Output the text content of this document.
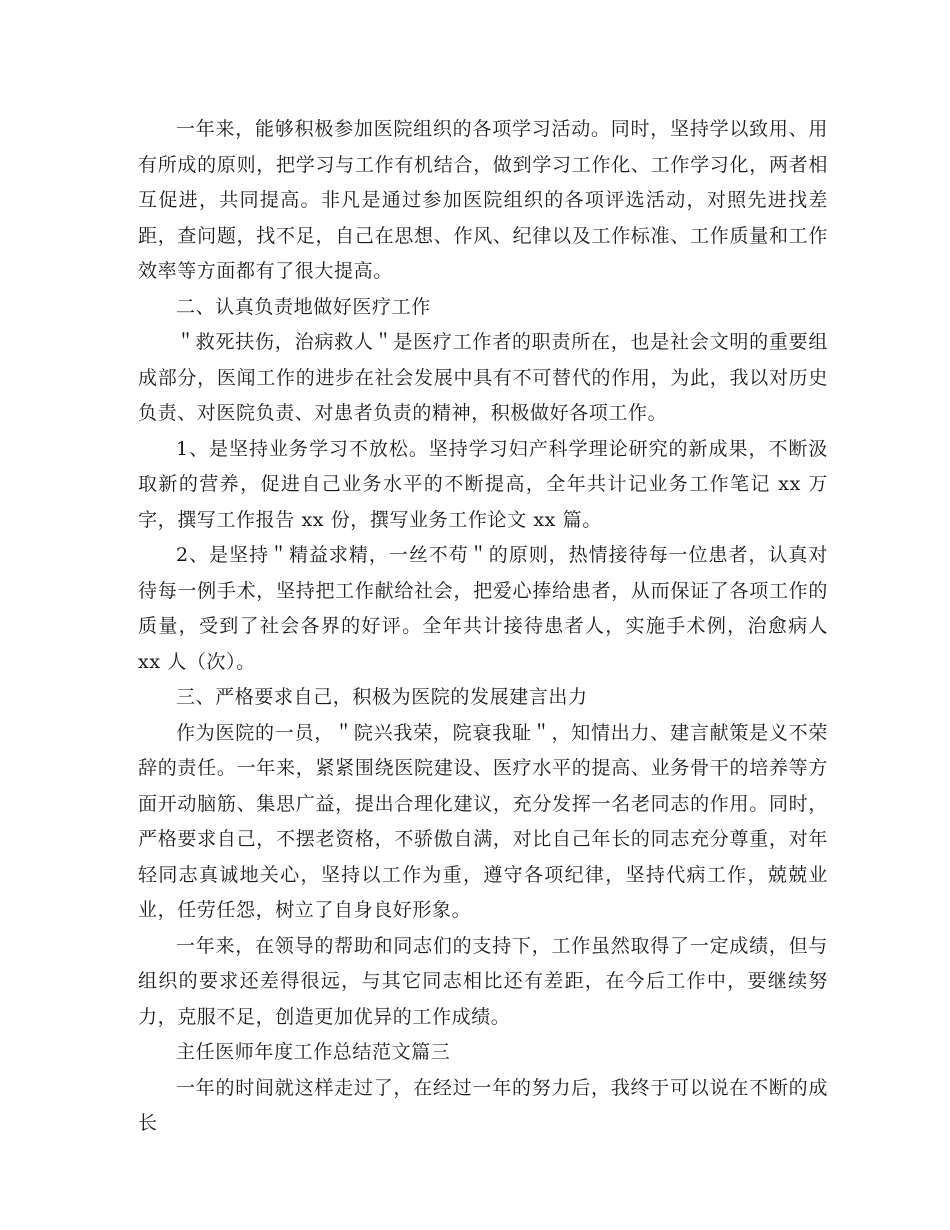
一年来，能够积极参加医院组织的各项学习活动。同时，坚持学以致用、用有所成的原则，把学习与工作有机结合，做到学习工作化、工作学习化，两者相互促进，共同提高。非凡是通过参加医院组织的各项评选活动，对照先进找差距，查问题，找不足，自己在思想、作风、纪律以及工作标准、工作质量和工作效率等方面都有了很大提高。

二、认真负责地做好医疗工作

＂救死扶伤，治病救人＂是医疗工作者的职责所在，也是社会文明的重要组成部分，医闻工作的进步在社会发展中具有不可替代的作用，为此，我以对历史负责、对医院负责、对患者负责的精神，积极做好各项工作。

1、是坚持业务学习不放松。坚持学习妇产科学理论研究的新成果，不断汲取新的营养，促进自己业务水平的不断提高，全年共计记业务工作笔记 xx 万字，撰写工作报告 xx 份，撰写业务工作论文 xx 篇。

2、是坚持＂精益求精，一丝不苟＂的原则，热情接待每一位患者，认真对待每一例手术，坚持把工作献给社会，把爱心捧给患者，从而保证了各项工作的质量，受到了社会各界的好评。全年共计接待患者人，实施手术例，治愈病人 xx 人（次）。

三、严格要求自己，积极为医院的发展建言出力

作为医院的一员，＂院兴我荣，院衰我耻＂，知情出力、建言献策是义不荣辞的责任。一年来，紧紧围绕医院建设、医疗水平的提高、业务骨干的培养等方面开动脑筋、集思广益，提出合理化建议，充分发挥一名老同志的作用。同时，严格要求自己，不摆老资格，不骄傲自满，对比自己年长的同志充分尊重，对年轻同志真诚地关心，坚持以工作为重，遵守各项纪律，坚持代病工作，兢兢业业，任劳任怨，树立了自身良好形象。

一年来，在领导的帮助和同志们的支持下，工作虽然取得了一定成绩，但与组织的要求还差得很远，与其它同志相比还有差距，在今后工作中，要继续努力，克服不足，创造更加优异的工作成绩。

主任医师年度工作总结范文篇三

一年的时间就这样走过了，在经过一年的努力后，我终于可以说在不断的成长
